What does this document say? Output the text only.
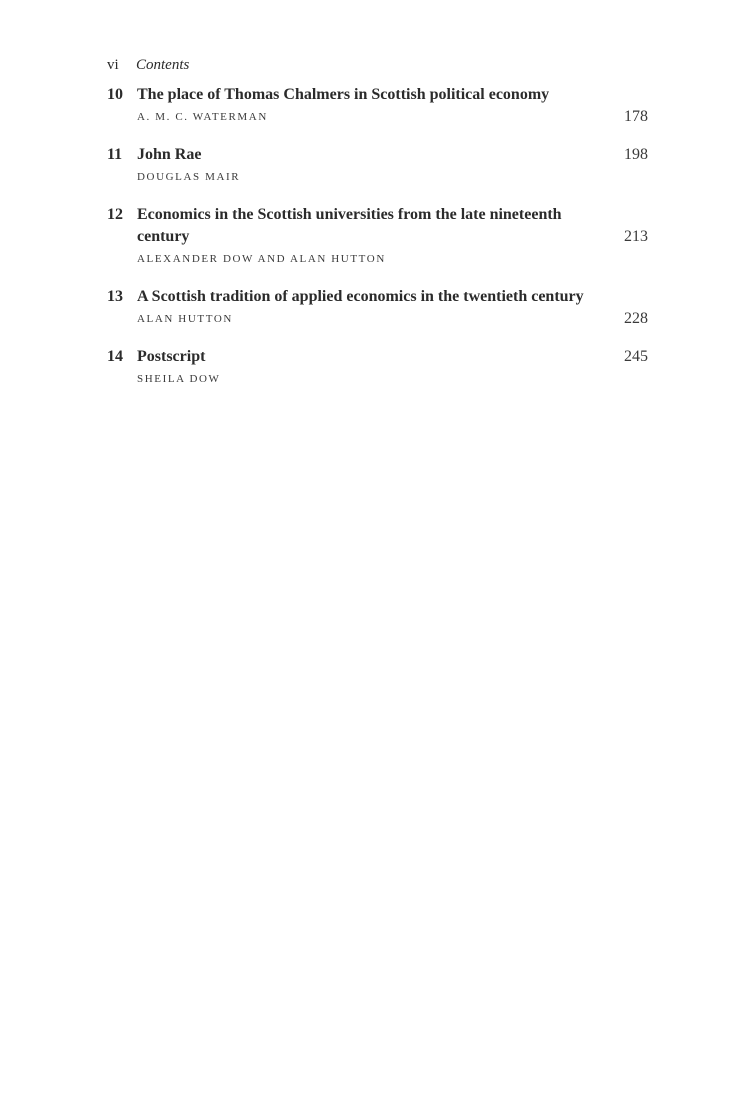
vi Contents
10 The place of Thomas Chalmers in Scottish political economy
A. M. C. WATERMAN	178
11 John Rae
DOUGLAS MAIR
198
12 Economics in the Scottish universities from the late nineteenth century
ALEXANDER DOW AND ALAN HUTTON
213
13 A Scottish tradition of applied economics in the twentieth century
ALAN HUTTON	228
14 Postscript
SHEILA DOW
245
